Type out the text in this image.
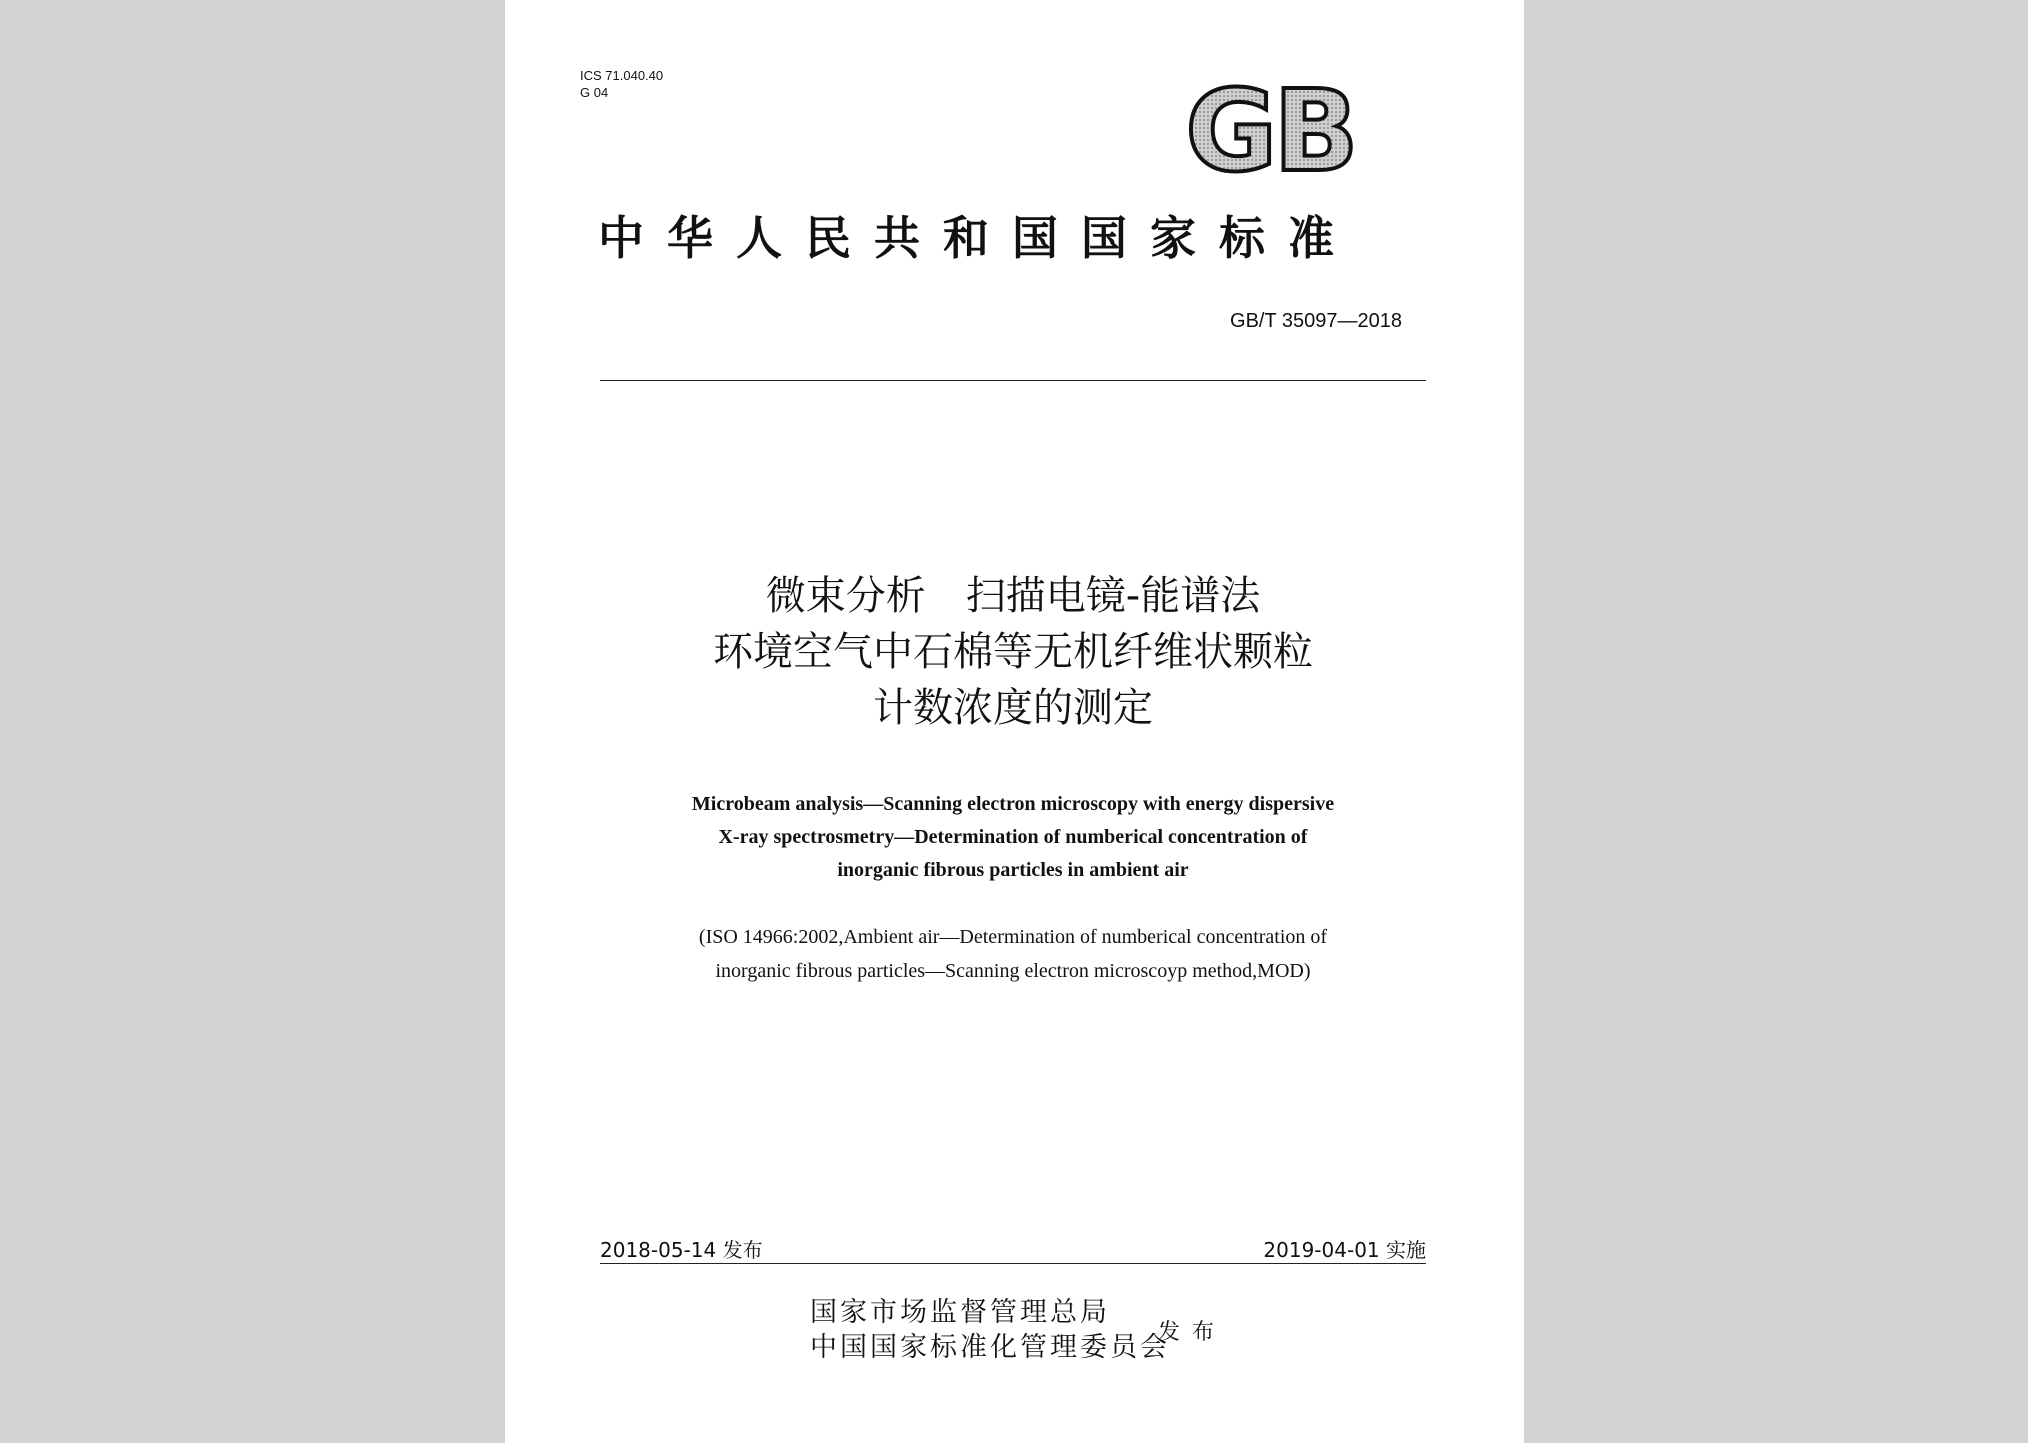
ICS 71.040.40
G 04	GB
中华人民共和国国家标准
GB/T 35097—2018
微束分析　扫描电镜-能谱法
环境空气中石棉等无机纤维状颗粒
计数浓度的测定
Microbeam analysis—Scanning electron microscopy with energy dispersive
X-ray spectrosmetry—Determination of numberical concentration of
inorganic fibrous particles in ambient air
(ISO 14966:2002,Ambient air—Determination of numberical concentration of
inorganic fibrous particles—Scanning electron microscoyp method,MOD)
2018-05-14 发布	2019-04-01 实施
国家市场监督管理总局
中国国家标准化管理委员会
发布
